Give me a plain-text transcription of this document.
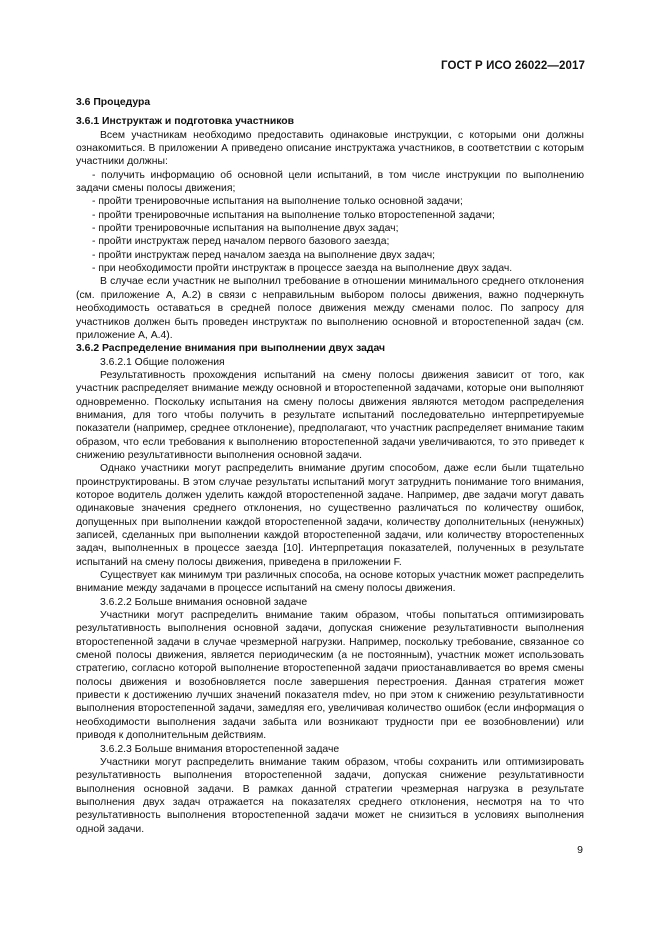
ГОСТ Р ИСО 26022—2017

3.6 Процедура

3.6.1 Инструктаж и подготовка участников

Всем участникам необходимо предоставить одинаковые инструкции, с которыми они должны ознакомиться. В приложении А приведено описание инструктажа участников, в соответствии с которым участники должны:

- получить информацию об основной цели испытаний, в том числе инструкции по выполнению задачи смены полосы движения;

- пройти тренировочные испытания на выполнение только основной задачи;

- пройти тренировочные испытания на выполнение только второстепенной задачи;

- пройти тренировочные испытания на выполнение двух задач;

- пройти инструктаж перед началом первого базового заезда;

- пройти инструктаж перед началом заезда на выполнение двух задач;

- при необходимости пройти инструктаж в процессе заезда на выполнение двух задач.

В случае если участник не выполнил требование в отношении минимального среднего отклонения (см. приложение А, А.2) в связи с неправильным выбором полосы движения, важно подчеркнуть необходимость оставаться в средней полосе движения между сменами полос. По запросу для участников должен быть проведен инструктаж по выполнению основной и второстепенной задач (см. приложение А, А.4).

3.6.2 Распределение внимания при выполнении двух задач

3.6.2.1 Общие положения

Результативность прохождения испытаний на смену полосы движения зависит от того, как участник распределяет внимание между основной и второстепенной задачами, которые они выполняют одновременно. Поскольку испытания на смену полосы движения являются методом распределения внимания, для того чтобы получить в результате испытаний последовательно интерпретируемые показатели (например, среднее отклонение), предполагают, что участник распределяет внимание таким образом, что если требования к выполнению второстепенной задачи увеличиваются, то это приведет к снижению результативности выполнения основной задачи.

Однако участники могут распределить внимание другим способом, даже если были тщательно проинструктированы. В этом случае результаты испытаний могут затруднить понимание того внимания, которое водитель должен уделить каждой второстепенной задаче. Например, две задачи могут давать одинаковые значения среднего отклонения, но существенно различаться по количеству ошибок, допущенных при выполнении каждой второстепенной задачи, количеству дополнительных (ненужных) записей, сделанных при выполнении каждой второстепенной задачи, или количеству второстепенных задач, выполненных в процессе заезда [10]. Интерпретация показателей, полученных в результате испытаний на смену полосы движения, приведена в приложении F.

Существует как минимум три различных способа, на основе которых участник может распределить внимание между задачами в процессе испытаний на смену полосы движения.

3.6.2.2 Больше внимания основной задаче

Участники могут распределить внимание таким образом, чтобы попытаться оптимизировать результативность выполнения основной задачи, допуская снижение результативности выполнения второстепенной задачи в случае чрезмерной нагрузки. Например, поскольку требование, связанное со сменой полосы движения, является периодическим (а не постоянным), участник может использовать стратегию, согласно которой выполнение второстепенной задачи приостанавливается во время смены полосы движения и возобновляется после завершения перестроения. Данная стратегия может привести к достижению лучших значений показателя mdev, но при этом к снижению результативности выполнения второстепенной задачи, замедляя его, увеличивая количество ошибок (если информация о необходимости выполнения задачи забыта или возникают трудности при ее возобновлении) или приводя к дополнительным действиям.

3.6.2.3 Больше внимания второстепенной задаче

Участники могут распределить внимание таким образом, чтобы сохранить или оптимизировать результативность выполнения второстепенной задачи, допуская снижение результативности выполнения основной задачи. В рамках данной стратегии чрезмерная нагрузка в результате выполнения двух задач отражается на показателях среднего отклонения, несмотря на то что результативность выполнения второстепенной задачи может не снизиться в условиях выполнения одной задачи.

9
